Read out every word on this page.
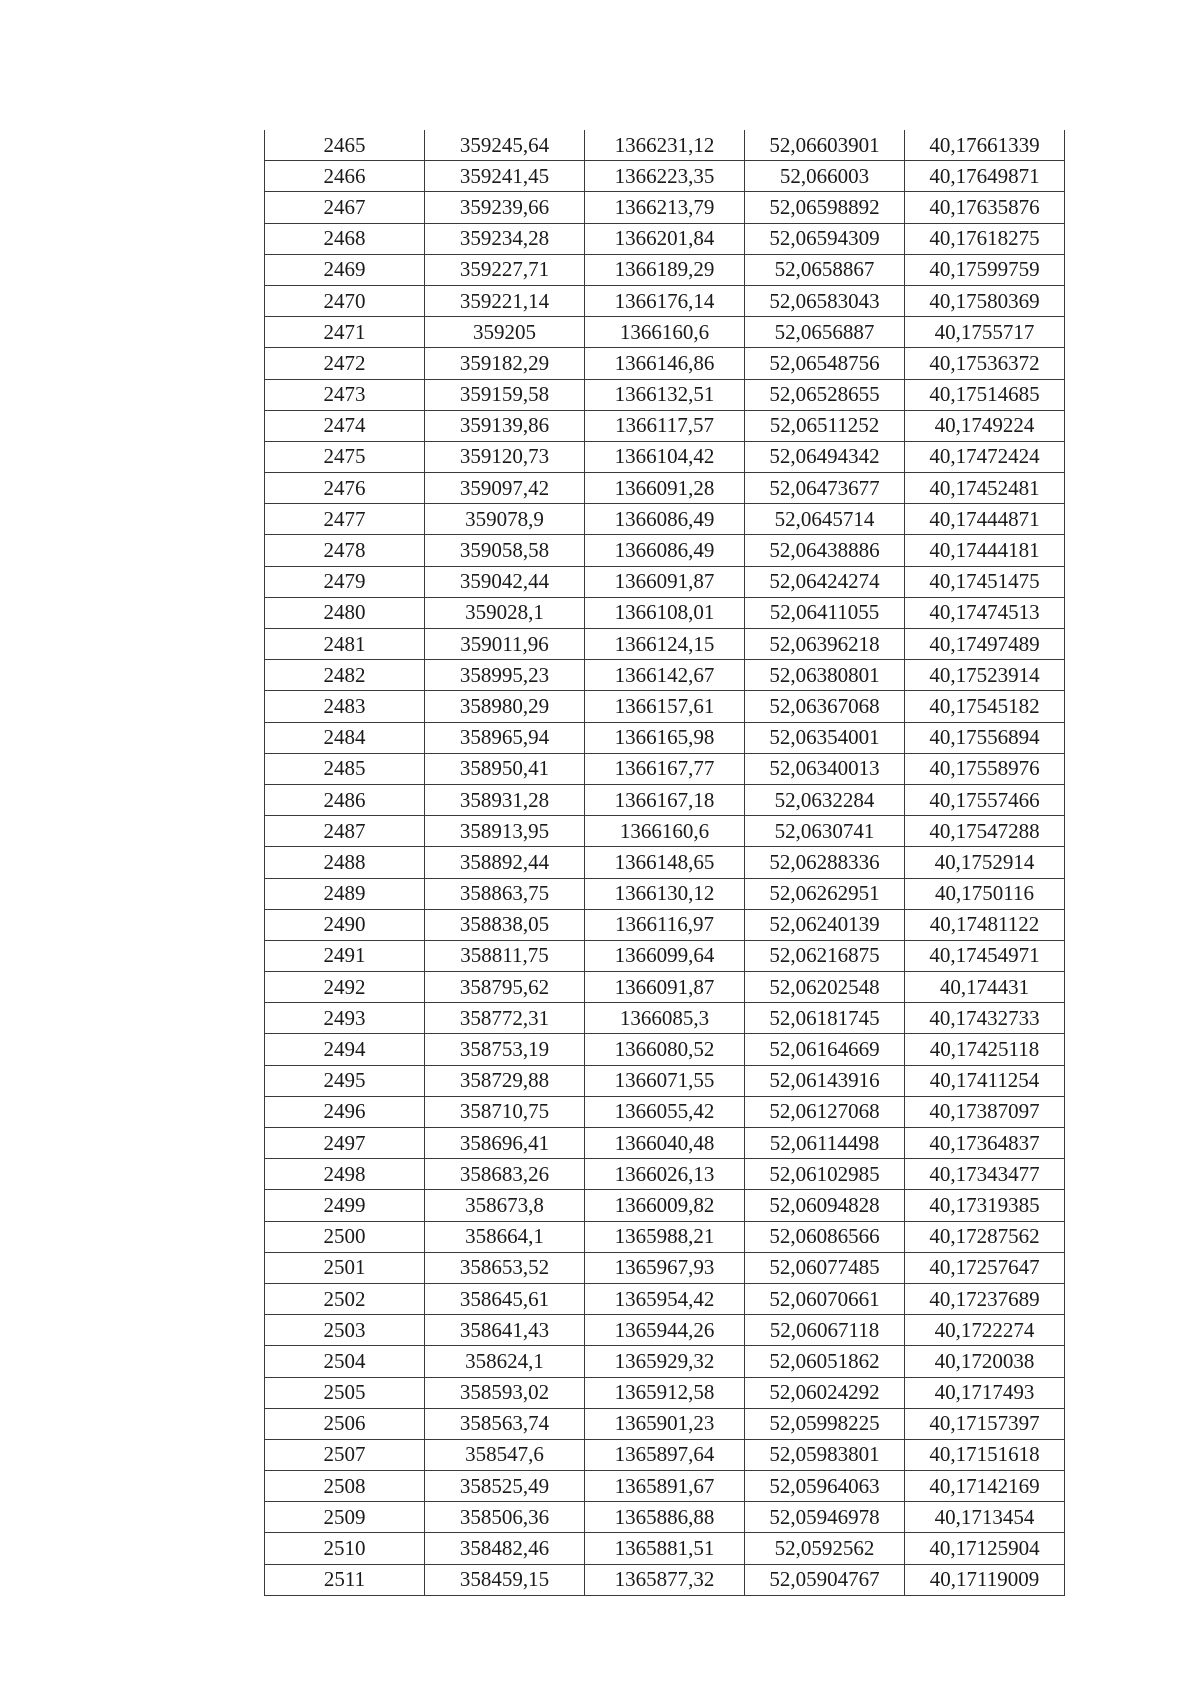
2465	359245,64	1366231,12	52,06603901	40,17661339
2466	359241,45	1366223,35	52,066003	40,17649871
2467	359239,66	1366213,79	52,06598892	40,17635876
2468	359234,28	1366201,84	52,06594309	40,17618275
2469	359227,71	1366189,29	52,0658867	40,17599759
2470	359221,14	1366176,14	52,06583043	40,17580369
2471	359205	1366160,6	52,0656887	40,1755717
2472	359182,29	1366146,86	52,06548756	40,17536372
2473	359159,58	1366132,51	52,06528655	40,17514685
2474	359139,86	1366117,57	52,06511252	40,1749224
2475	359120,73	1366104,42	52,06494342	40,17472424
2476	359097,42	1366091,28	52,06473677	40,17452481
2477	359078,9	1366086,49	52,0645714	40,17444871
2478	359058,58	1366086,49	52,06438886	40,17444181
2479	359042,44	1366091,87	52,06424274	40,17451475
2480	359028,1	1366108,01	52,06411055	40,17474513
2481	359011,96	1366124,15	52,06396218	40,17497489
2482	358995,23	1366142,67	52,06380801	40,17523914
2483	358980,29	1366157,61	52,06367068	40,17545182
2484	358965,94	1366165,98	52,06354001	40,17556894
2485	358950,41	1366167,77	52,06340013	40,17558976
2486	358931,28	1366167,18	52,0632284	40,17557466
2487	358913,95	1366160,6	52,0630741	40,17547288
2488	358892,44	1366148,65	52,06288336	40,1752914
2489	358863,75	1366130,12	52,06262951	40,1750116
2490	358838,05	1366116,97	52,06240139	40,17481122
2491	358811,75	1366099,64	52,06216875	40,17454971
2492	358795,62	1366091,87	52,06202548	40,174431
2493	358772,31	1366085,3	52,06181745	40,17432733
2494	358753,19	1366080,52	52,06164669	40,17425118
2495	358729,88	1366071,55	52,06143916	40,17411254
2496	358710,75	1366055,42	52,06127068	40,17387097
2497	358696,41	1366040,48	52,06114498	40,17364837
2498	358683,26	1366026,13	52,06102985	40,17343477
2499	358673,8	1366009,82	52,06094828	40,17319385
2500	358664,1	1365988,21	52,06086566	40,17287562
2501	358653,52	1365967,93	52,06077485	40,17257647
2502	358645,61	1365954,42	52,06070661	40,17237689
2503	358641,43	1365944,26	52,06067118	40,1722274
2504	358624,1	1365929,32	52,06051862	40,1720038
2505	358593,02	1365912,58	52,06024292	40,1717493
2506	358563,74	1365901,23	52,05998225	40,17157397
2507	358547,6	1365897,64	52,05983801	40,17151618
2508	358525,49	1365891,67	52,05964063	40,17142169
2509	358506,36	1365886,88	52,05946978	40,1713454
2510	358482,46	1365881,51	52,0592562	40,17125904
2511	358459,15	1365877,32	52,05904767	40,17119009
